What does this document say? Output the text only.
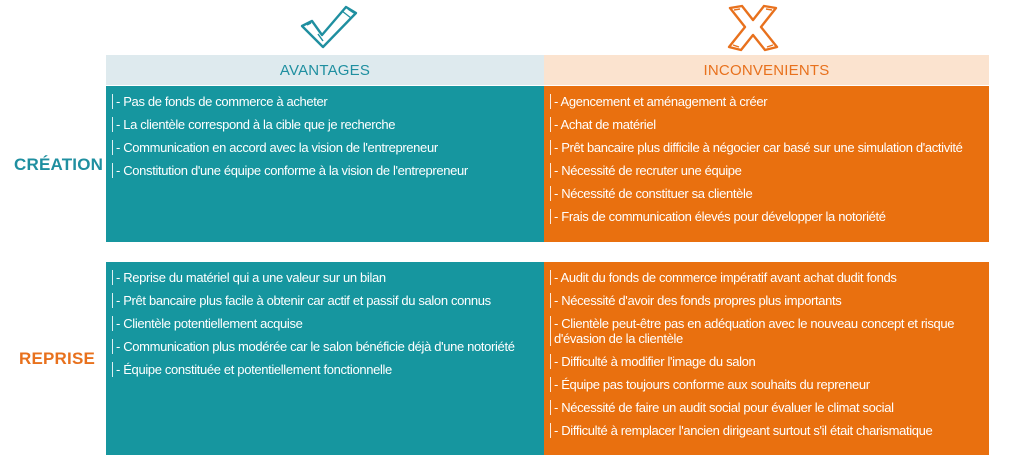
AVANTAGES	INCONVENIENTS
CRÉATION
REPRISE
- Pas de fonds de commerce à acheter
- La clientèle correspond à la cible que je recherche
- Communication en accord avec la vision de l'entrepreneur
- Constitution d'une équipe conforme à la vision de l'entrepreneur
- Agencement et aménagement à créer
- Achat de matériel
- Prêt bancaire plus difficile à négocier car basé sur une simulation d'activité
- Nécessité de recruter une équipe
- Nécessité de constituer sa clientèle
- Frais de communication élevés pour développer la notoriété
- Reprise du matériel qui a une valeur sur un bilan
- Prêt bancaire plus facile à obtenir car actif et passif du salon connus
- Clientèle potentiellement acquise
- Communication plus modérée car le salon bénéficie déjà d'une notoriété
- Équipe constituée et potentiellement fonctionnelle
- Audit du fonds de commerce impératif avant achat dudit fonds
- Nécessité d'avoir des fonds propres plus importants
- Clientèle peut-être pas en adéquation avec le nouveau concept et risque d'évasion de la clientèle
- Difficulté à modifier l'image du salon
- Équipe pas toujours conforme aux souhaits du repreneur
- Nécessité de faire un audit social pour évaluer le climat social
- Difficulté à remplacer l'ancien dirigeant surtout s'il était charismatique
